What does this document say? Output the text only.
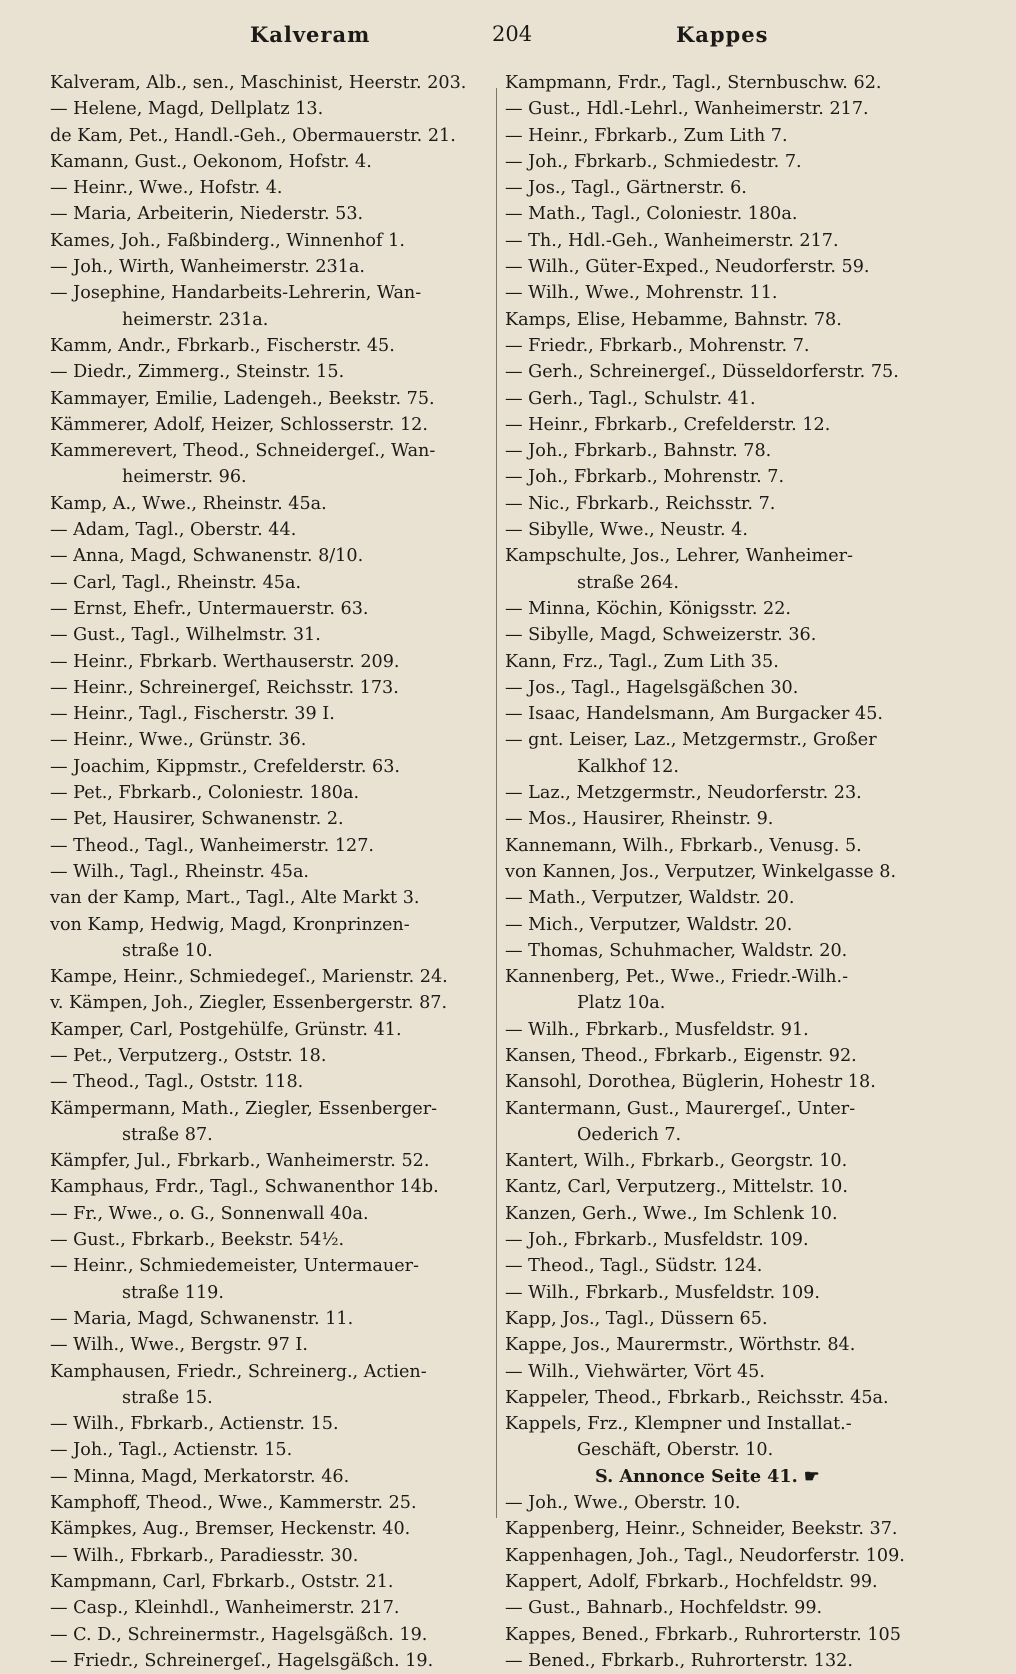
Kalveram	204	Kappes
Kalveram, Alb., sen., Maschinist, Heerstr. 203.
— Helene, Magd, Dellplatz 13.
de Kam, Pet., Handl.-Geh., Obermauerstr. 21.
Kamann, Gust., Oekonom, Hofstr. 4.
— Heinr., Wwe., Hofstr. 4.
— Maria, Arbeiterin, Niederstr. 53.
Kames, Joh., Faßbinderg., Winnenhof 1.
— Joh., Wirth, Wanheimerstr. 231a.
— Josephine, Handarbeits-Lehrerin, Wan-
heimerstr. 231a.
Kamm, Andr., Fbrkarb., Fischerstr. 45.
— Diedr., Zimmerg., Steinstr. 15.
Kammayer, Emilie, Ladengeh., Beekstr. 75.
Kämmerer, Adolf, Heizer, Schlosserstr. 12.
Kammerevert, Theod., Schneidergeſ., Wan-
heimerstr. 96.
Kamp, A., Wwe., Rheinstr. 45a.
— Adam, Tagl., Oberstr. 44.
— Anna, Magd, Schwanenstr. 8/10.
— Carl, Tagl., Rheinstr. 45a.
— Ernst, Ehefr., Untermauerstr. 63.
— Gust., Tagl., Wilhelmstr. 31.
— Heinr., Fbrkarb. Werthauserstr. 209.
— Heinr., Schreinergeſ, Reichsstr. 173.
— Heinr., Tagl., Fischerstr. 39 I.
— Heinr., Wwe., Grünstr. 36.
— Joachim, Kippmstr., Crefelderstr. 63.
— Pet., Fbrkarb., Coloniestr. 180a.
— Pet, Hausirer, Schwanenstr. 2.
— Theod., Tagl., Wanheimerstr. 127.
— Wilh., Tagl., Rheinstr. 45a.
van der Kamp, Mart., Tagl., Alte Markt 3.
von Kamp, Hedwig, Magd, Kronprinzen-
straße 10.
Kampe, Heinr., Schmiedegeſ., Marienstr. 24.
v. Kämpen, Joh., Ziegler, Essenbergerstr. 87.
Kamper, Carl, Postgehülfe, Grünstr. 41.
— Pet., Verputzerg., Oststr. 18.
— Theod., Tagl., Oststr. 118.
Kämpermann, Math., Ziegler, Essenberger-
straße 87.
Kämpfer, Jul., Fbrkarb., Wanheimerstr. 52.
Kamphaus, Frdr., Tagl., Schwanenthor 14b.
— Fr., Wwe., o. G., Sonnenwall 40a.
— Gust., Fbrkarb., Beekstr. 54½.
— Heinr., Schmiedemeister, Untermauer-
straße 119.
— Maria, Magd, Schwanenstr. 11.
— Wilh., Wwe., Bergstr. 97 I.
Kamphausen, Friedr., Schreinerg., Actien-
straße 15.
— Wilh., Fbrkarb., Actienstr. 15.
— Joh., Tagl., Actienstr. 15.
— Minna, Magd, Merkatorstr. 46.
Kamphoff, Theod., Wwe., Kammerstr. 25.
Kämpkes, Aug., Bremser, Heckenstr. 40.
— Wilh., Fbrkarb., Paradiesstr. 30.
Kampmann, Carl, Fbrkarb., Oststr. 21.
— Casp., Kleinhdl., Wanheimerstr. 217.
— C. D., Schreinermstr., Hagelsgäßch. 19.
— Friedr., Schreinergeſ., Hagelsgäßch. 19.
Kampmann, Frdr., Tagl., Sternbuschw. 62.
— Gust., Hdl.-Lehrl., Wanheimerstr. 217.
— Heinr., Fbrkarb., Zum Lith 7.
— Joh., Fbrkarb., Schmiedestr. 7.
— Jos., Tagl., Gärtnerstr. 6.
— Math., Tagl., Coloniestr. 180a.
— Th., Hdl.-Geh., Wanheimerstr. 217.
— Wilh., Güter-Exped., Neudorferstr. 59.
— Wilh., Wwe., Mohrenstr. 11.
Kamps, Elise, Hebamme, Bahnstr. 78.
— Friedr., Fbrkarb., Mohrenstr. 7.
— Gerh., Schreinergeſ., Düsseldorferstr. 75.
— Gerh., Tagl., Schulstr. 41.
— Heinr., Fbrkarb., Crefelderstr. 12.
— Joh., Fbrkarb., Bahnstr. 78.
— Joh., Fbrkarb., Mohrenstr. 7.
— Nic., Fbrkarb., Reichsstr. 7.
— Sibylle, Wwe., Neustr. 4.
Kampschulte, Jos., Lehrer, Wanheimer-
straße 264.
— Minna, Köchin, Königsstr. 22.
— Sibylle, Magd, Schweizerstr. 36.
Kann, Frz., Tagl., Zum Lith 35.
— Jos., Tagl., Hagelsgäßchen 30.
— Isaac, Handelsmann, Am Burgacker 45.
— gnt. Leiser, Laz., Metzgermstr., Großer
Kalkhof 12.
— Laz., Metzgermstr., Neudorferstr. 23.
— Mos., Hausirer, Rheinstr. 9.
Kannemann, Wilh., Fbrkarb., Venusg. 5.
von Kannen, Jos., Verputzer, Winkelgasse 8.
— Math., Verputzer, Waldstr. 20.
— Mich., Verputzer, Waldstr. 20.
— Thomas, Schuhmacher, Waldstr. 20.
Kannenberg, Pet., Wwe., Friedr.-Wilh.-
Platz 10a.
— Wilh., Fbrkarb., Musfeldstr. 91.
Kansen, Theod., Fbrkarb., Eigenstr. 92.
Kansohl, Dorothea, Büglerin, Hohestr 18.
Kantermann, Gust., Maurergeſ., Unter-
Oederich 7.
Kantert, Wilh., Fbrkarb., Georgstr. 10.
Kantz, Carl, Verputzerg., Mittelstr. 10.
Kanzen, Gerh., Wwe., Im Schlenk 10.
— Joh., Fbrkarb., Musfeldstr. 109.
— Theod., Tagl., Südstr. 124.
— Wilh., Fbrkarb., Musfeldstr. 109.
Kapp, Jos., Tagl., Düssern 65.
Kappe, Jos., Maurermstr., Wörthstr. 84.
— Wilh., Viehwärter, Vört 45.
Kappeler, Theod., Fbrkarb., Reichsstr. 45a.
Kappels, Frz., Klempner und Installat.-
Geschäft, Oberstr. 10.
S. Annonce Seite 41. ☛
— Joh., Wwe., Oberstr. 10.
Kappenberg, Heinr., Schneider, Beekstr. 37.
Kappenhagen, Joh., Tagl., Neudorferstr. 109.
Kappert, Adolf, Fbrkarb., Hochfeldstr. 99.
— Gust., Bahnarb., Hochfeldstr. 99.
Kappes, Bened., Fbrkarb., Ruhrorterstr. 105
— Bened., Fbrkarb., Ruhrorterstr. 132.
